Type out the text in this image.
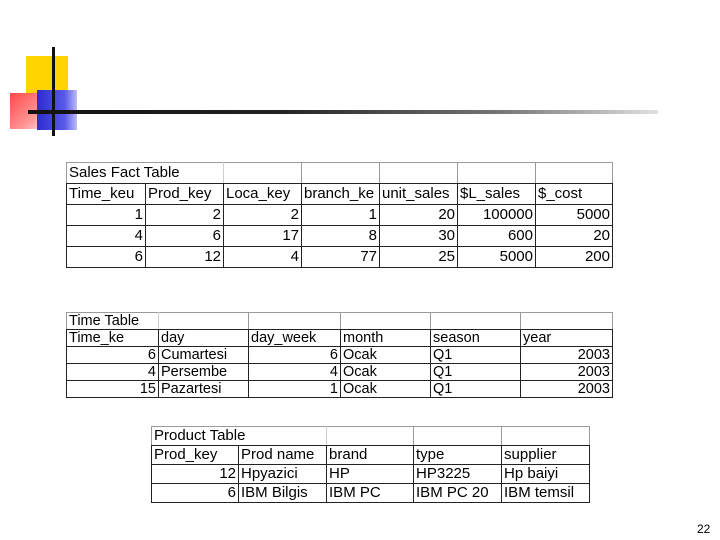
Sales Fact Table						
Time_keu	Prod_key	Loca_key	branch_ke	unit_sales	$L_sales	$_cost
1	2	2	1	20	100000	5000
4	6	17	8	30	600	20
6	12	4	77	25	5000	200
Time Table					
Time_ke	day	day_week	month	season	year
6	Cumartesi	6	Ocak	Q1	2003
4	Persembe	4	Ocak	Q1	2003
15	Pazartesi	1	Ocak	Q1	2003
Product Table				
Prod_key	Prod name	brand	type	supplier
12	Hpyazici	HP	HP3225	Hp baiyi
6	IBM Bilgis	IBM PC	IBM PC 20	IBM temsil
22
